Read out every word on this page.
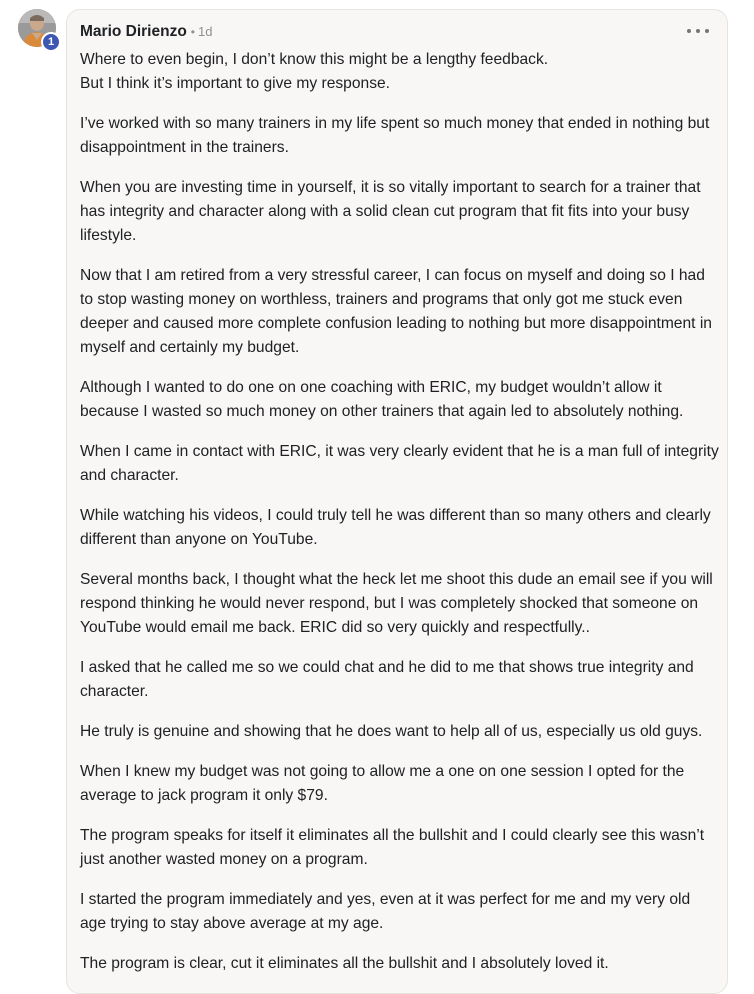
1
Mario Dirienzo • 1d

Where to even begin, I don’t know this might be a lengthy feedback.
But I think it’s important to give my response.

I’ve worked with so many trainers in my life spent so much money that ended in nothing but disappointment in the trainers.

When you are investing time in yourself, it is so vitally important to search for a trainer that has integrity and character along with a solid clean cut program that fit fits into your busy lifestyle.

Now that I am retired from a very stressful career, I can focus on myself and doing so I had to stop wasting money on worthless, trainers and programs that only got me stuck even deeper and caused more complete confusion leading to nothing but more disappointment in myself and certainly my budget.

Although I wanted to do one on one coaching with ERIC, my budget wouldn’t allow it because I wasted so much money on other trainers that again led to absolutely nothing.

When I came in contact with ERIC, it was very clearly evident that he is a man full of integrity and character.

While watching his videos, I could truly tell he was different than so many others and clearly different than anyone on YouTube.

Several months back, I thought what the heck let me shoot this dude an email see if you will respond thinking he would never respond, but I was completely shocked that someone on YouTube would email me back. ERIC did so very quickly and respectfully..

I asked that he called me so we could chat and he did to me that shows true integrity and character.

He truly is genuine and showing that he does want to help all of us, especially us old guys.

When I knew my budget was not going to allow me a one on one session I opted for the average to jack program it only $79.

The program speaks for itself it eliminates all the bullshit and I could clearly see this wasn’t just another wasted money on a program.

I started the program immediately and yes, even at it was perfect for me and my very old age trying to stay above average at my age.

The program is clear, cut it eliminates all the bullshit and I absolutely loved it.
